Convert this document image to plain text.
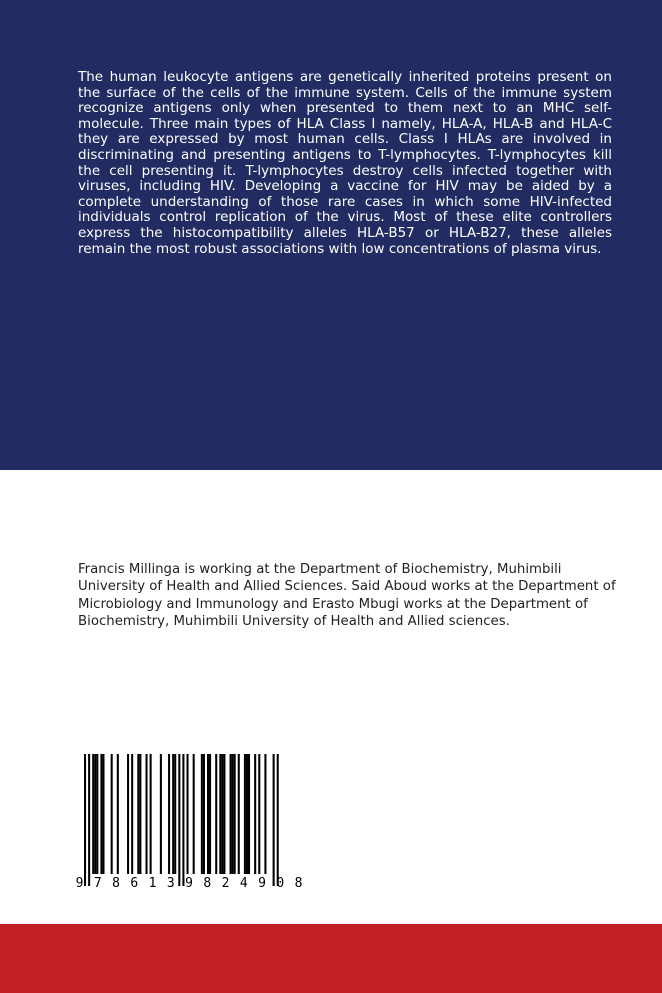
The human leukocyte antigens are genetically inherited proteins present on the surface of the cells of the immune system. Cells of the immune system recognize antigens only when presented to them next to an MHC self-molecule. Three main types of HLA Class I namely, HLA-A, HLA-B and HLA-C they are expressed by most human cells. Class I HLAs are involved in discriminating and presenting antigens to T-lymphocytes. T-lymphocytes kill the cell presenting it. T-lymphocytes destroy cells infected together with viruses, including HIV. Developing a vaccine for HIV may be aided by a complete understanding of those rare cases in which some HIV-infected individuals control replication of the virus. Most of these elite controllers express the histocompatibility alleles HLA-B57 or HLA-B27, these alleles remain the most robust associations with low concentrations of plasma virus.

Francis Millinga is working at the Department of Biochemistry, Muhimbili University of Health and Allied Sciences. Said Aboud works at the Department of Microbiology and Immunology and Erasto Mbugi works at the Department of Biochemistry, Muhimbili University of Health and Allied sciences.

9 7 8 6 1 3 9 8 2 4 9 0 8
